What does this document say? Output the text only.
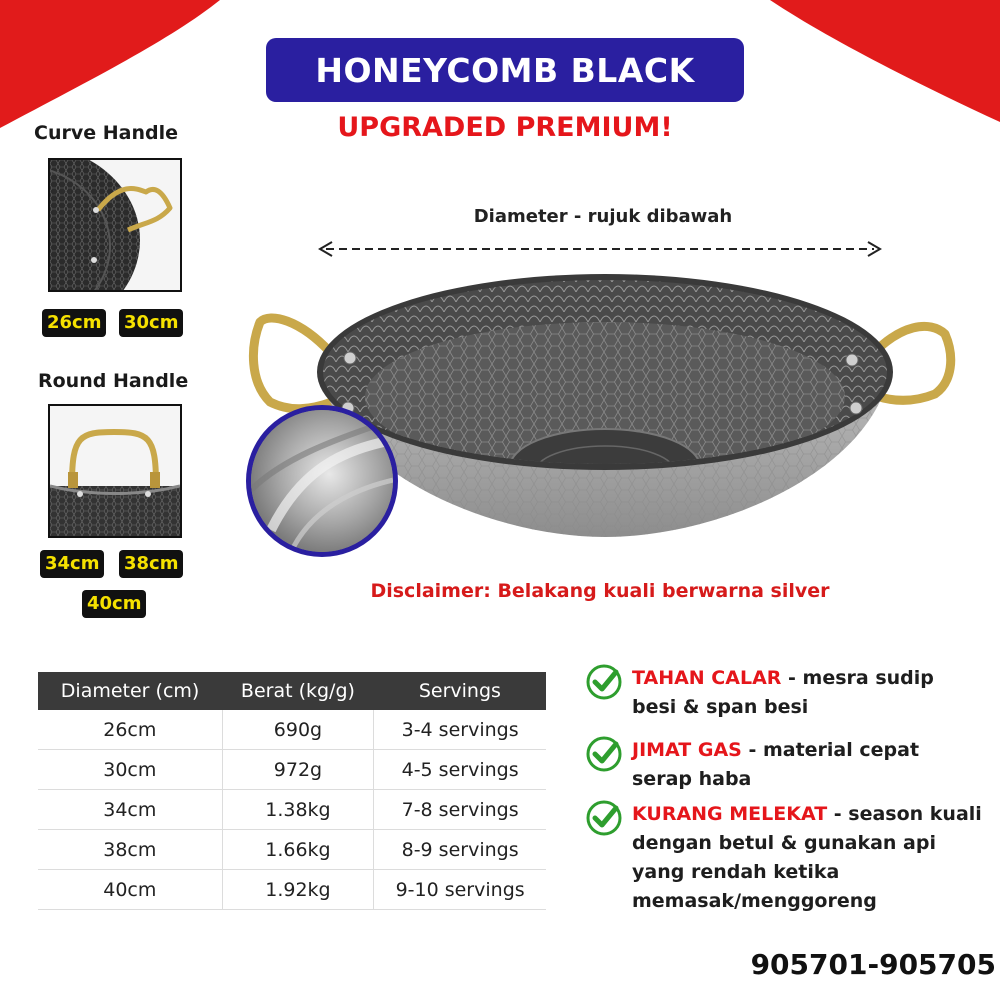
HONEYCOMB BLACK
UPGRADED PREMIUM!
Curve Handle
26cm 30cm
Round Handle
34cm 38cm
40cm
Diameter - rujuk dibawah
Disclaimer: Belakang kuali berwarna silver
Diameter (cm)	Berat (kg/g)	Servings
26cm	690g	3-4 servings
30cm	972g	4-5 servings
34cm	1.38kg	7-8 servings
38cm	1.66kg	8-9 servings
40cm	1.92kg	9-10 servings
TAHAN CALAR - mesra sudip besi & span besi
JIMAT GAS - material cepat serap haba
KURANG MELEKAT - season kuali dengan betul & gunakan api yang rendah ketika memasak/menggoreng
905701-905705
